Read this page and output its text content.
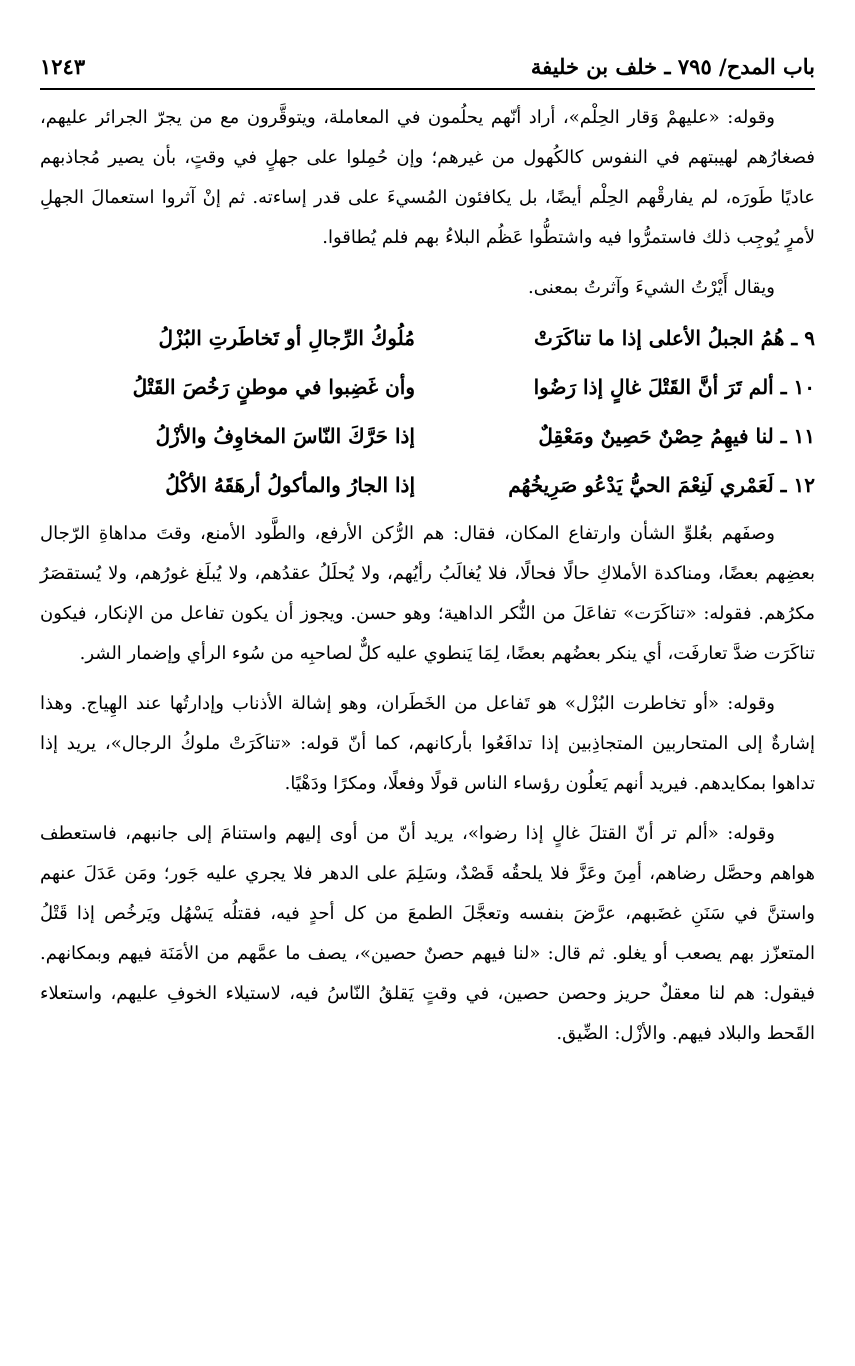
باب المدح/ ٧٩٥ ـ خلف بن خليفة
١٢٤٣

وقوله: «عليهمْ وَقار الحِلْم»، أراد أنّهم يحلُمون في المعاملة، ويتوقَّرون مع من يجرّ الجرائر عليهم، فصغارُهم لهيبتهم في النفوس كالكُهول من غيرهم؛ وإن حُمِلوا على جهلٍ في وقتٍ، بأن يصير مُجاذبهم عاديًا طَورَه، لم يفارقْهم الحِلْم أيضًا، بل يكافئون المُسيءَ على قدر إساءته. ثم إنْ آثروا استعمالَ الجهلِ لأمرٍ يُوجِب ذلك فاستمرُّوا فيه واشتطُّوا عَظُم البلاءُ بهم فلم يُطاقوا.

ويقال أَيْرْتُ الشيءَ وآثرتُ بمعنى.

٩ ـ هُمُ الجبلُ الأعلى إذا ما تناكَرَتْ
مُلُوكُ الرِّجالِ أو تَخاطَرتِ البُزْلُ
١٠ ـ ألم تَرَ أنَّ القَتْلَ غالٍ إذا رَضُوا
وأن غَضِبوا في موطنٍ رَخُصَ القَتْلُ
١١ ـ لنا فيهِمُ حِصْنٌ حَصِينٌ ومَعْقِلٌ
إذا حَرَّكَ النّاسَ المخاوِفُ والأزْلُ
١٢ ـ لَعَمْري لَنِعْمَ الحيُّ يَدْعُو صَرِيخُهُم
إذا الجارُ والمأكولُ أرهَقَهُ الأكْلُ

وصفَهم بعُلوِّ الشأن وارتفاع المكان، فقال: هم الرُّكن الأرفع، والطَّود الأمنع، وقتَ مداهاةِ الرّجال بعضِهم بعضًا، ومناكدة الأملاكِ حالًا فحالًا، فلا يُغالَبُ رأيُهم، ولا يُحلَلُ عقدُهم، ولا يُبلَغ غورُهم، ولا يُستقصَرُ مكرُهم. فقوله: «تناكَرَت» تفاعَلَ من النُّكر الداهية؛ وهو حسن. ويجوز أن يكون تفاعل من الإنكار، فيكون تناكَرَت ضدَّ تعارفَت، أي ينكر بعضُهم بعضًا، لِمَا يَنطوي عليه كلٌّ لصاحبِه من سُوء الرأي وإضمار الشر.

وقوله: «أو تخاطرت البُزْل» هو تَفاعل من الخَطَران، وهو إشالة الأذناب وإدارتُها عند الهِياج. وهذا إشارةٌ إلى المتحاربين المتجاذِبين إذا تدافَعُوا بأركانهم، كما أنّ قوله: «تناكَرَتْ ملوكُ الرجال»، يريد إذا تداهوا بمكايدهم. فيريد أنهم يَعلُون رؤساء الناس قولًا وفعلًا، ومكرًا ودَهْيًا.

وقوله: «ألم تر أنّ القتلَ غالٍ إذا رضوا»، يريد أنّ من أوى إليهم واستنامَ إلى جانبهم، فاستعطف هواهم وحصَّل رضاهم، أمِنَ وعَزَّ فلا يلحقُه قَصْدٌ، وسَلِمَ على الدهر فلا يجري عليه جَور؛ ومَن عَدَلَ عنهم واستنَّ في سَنَنِ غضَبهم، عرَّضَ بنفسه وتعجَّلَ الطمعَ من كل أحدٍ فيه، فقتلُه يَسْهُل ويَرخُص إذا قَتْلُ المتعزّز بهم يصعب أو يغلو. ثم قال: «لنا فيهم حصنٌ حصين»، يصف ما عمَّهم من الأمَنَة فيهم وبمكانهم. فيقول: هم لنا معقلٌ حريز وحصن حصين، في وقتٍ يَقلقُ النّاسُ فيه، لاستيلاء الخوفِ عليهم، واستعلاء القَحط والبلاد فيهم. والأزْل: الضِّيق.
